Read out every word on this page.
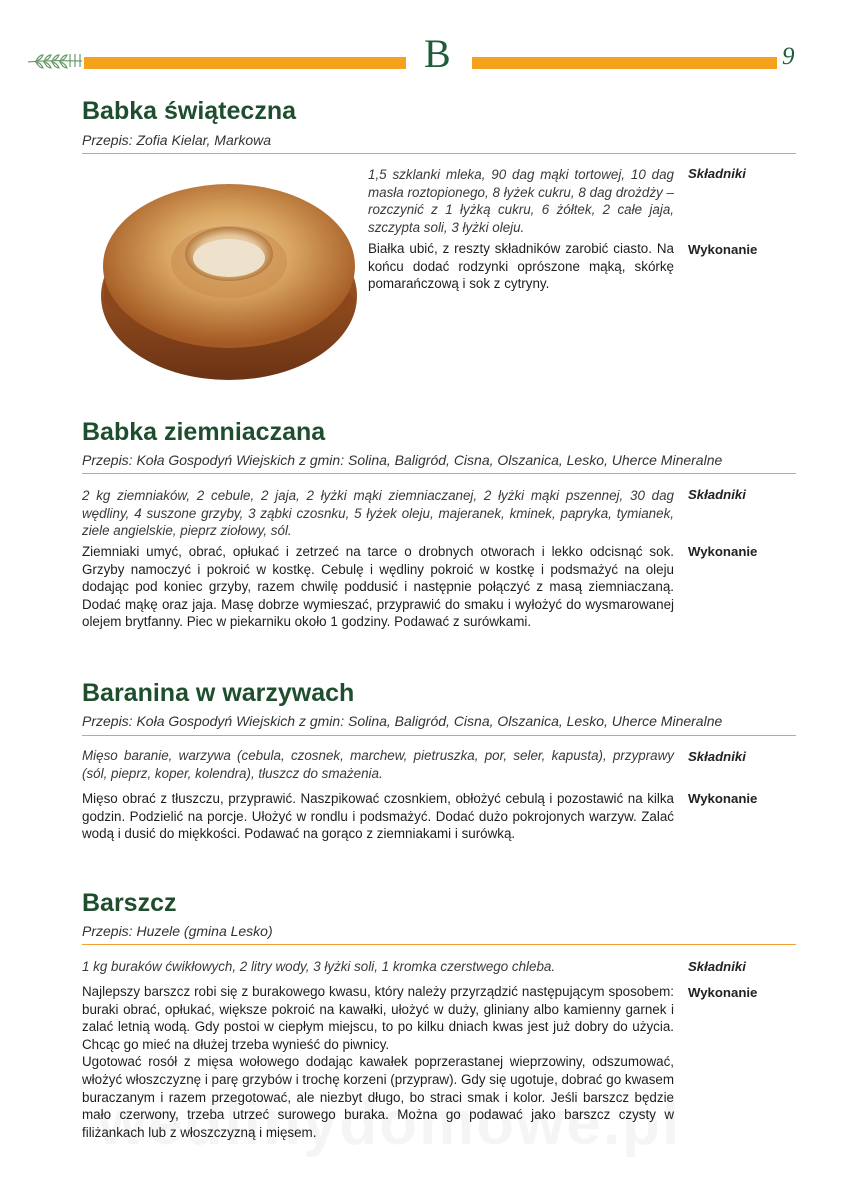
B	9
Babka świąteczna
Przepis: Zofia Kielar, Markowa
1,5 szklanki mleka, 90 dag mąki tortowej, 10 dag masła roztopionego, 8 łyżek cukru, 8 dag drożdży – rozczynić z 1 łyżką cukru, 6 żółtek, 2 całe jaja, szczypta soli, 3 łyżki oleju.
Składniki
Białka ubić, z reszty składników zarobić ciasto. Na końcu dodać rodzynki oprószone mąką, skórkę pomarańczową i sok z cytryny.
Wykonanie
Babka ziemniaczana
Przepis: Koła Gospodyń Wiejskich z gmin: Solina, Baligród, Cisna, Olszanica, Lesko, Uherce Mineralne
2 kg ziemniaków, 2 cebule, 2 jaja, 2 łyżki mąki ziemniaczanej, 2 łyżki mąki pszennej, 30 dag wędliny, 4 suszone grzyby, 3 ząbki czosnku, 5 łyżek oleju, majeranek, kminek, papryka, tymianek, ziele angielskie, pieprz ziołowy, sól.
Składniki
Ziemniaki umyć, obrać, opłukać i zetrzeć na tarce o drobnych otworach i lekko odcisnąć sok. Grzyby namoczyć i pokroić w kostkę. Cebulę i wędliny pokroić w kostkę i podsmażyć na oleju dodając pod koniec grzyby, razem chwilę poddusić i następnie połączyć z masą ziemniaczaną. Dodać mąkę oraz jaja. Masę dobrze wymieszać, przyprawić do smaku i wyłożyć do wysmarowanej olejem brytfanny. Piec w piekarniku około 1 godziny. Podawać z surówkami.
Wykonanie
Baranina w warzywach
Przepis: Koła Gospodyń Wiejskich z gmin: Solina, Baligród, Cisna, Olszanica, Lesko, Uherce Mineralne
Mięso baranie, warzywa (cebula, czosnek, marchew, pietruszka, por, seler, kapusta), przyprawy (sól, pieprz, koper, kolendra), tłuszcz do smażenia.
Składniki
Mięso obrać z tłuszczu, przyprawić. Naszpikować czosnkiem, obłożyć cebulą i pozostawić na kilka godzin. Podzielić na porcje. Ułożyć w rondlu i podsmażyć. Dodać dużo pokrojonych warzyw. Zalać wodą i dusić do miękkości. Podawać na gorąco z ziemniakami i surówką.
Wykonanie
Barszcz
Przepis: Huzele (gmina Lesko)
1 kg buraków ćwikłowych, 2 litry wody, 3 łyżki soli, 1 kromka czerstwego chleba.	Składniki
Najlepszy barszcz robi się z burakowego kwasu, który należy przyrządzić następującym sposobem: buraki obrać, opłukać, większe pokroić na kawałki, ułożyć w duży, gliniany albo kamienny garnek i zalać letnią wodą. Gdy postoi w ciepłym miejscu, to po kilku dniach kwas jest już dobry do użycia. Chcąc go mieć na dłużej trzeba wynieść do piwnicy.
Ugotować rosół z mięsa wołowego dodając kawałek poprzerastanej wieprzowiny, odszumować, włożyć włoszczyznę i parę grzybów i trochę korzeni (przypraw). Gdy się ugotuje, dobrać go kwasem buraczanym i razem przegotować, ale niezbyt długo, bo straci smak i kolor. Jeśli barszcz będzie mało czerwony, trzeba utrzeć surowego buraka. Można go podawać jako barszcz czysty w filiżankach lub z włoszczyzną i mięsem.
Wykonanie
